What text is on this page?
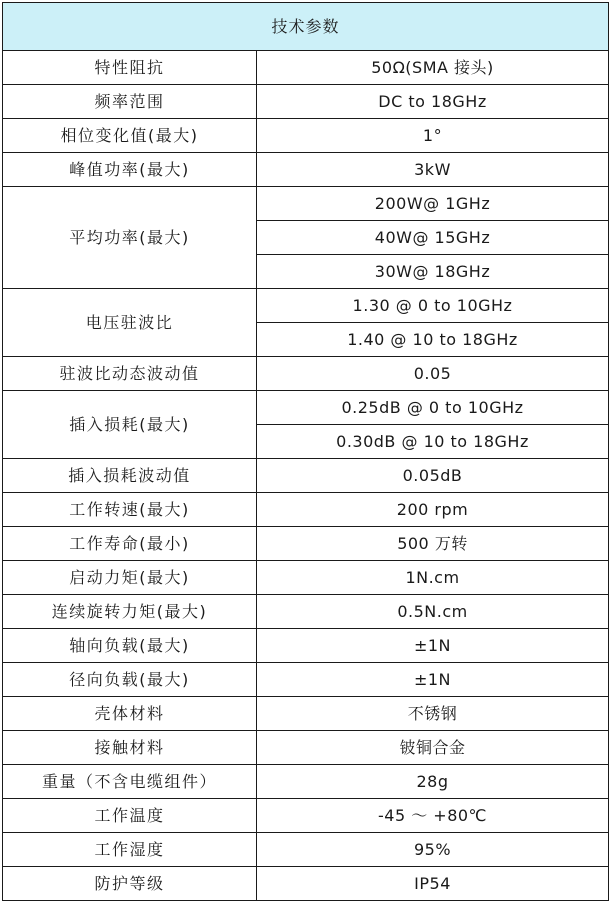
技术参数	
特性阻抗	50Ω(SMA 接头)
频率范围	DC to 18GHz
相位变化值(最大)	1°
峰值功率(最大)	3kW
平均功率(最大)	200W@ 1GHz
	40W@ 15GHz
	30W@ 18GHz
电压驻波比	1.30 @ 0 to 10GHz
	1.40 @ 10 to 18GHz
驻波比动态波动值	0.05
插入损耗(最大)	0.25dB @ 0 to 10GHz
	0.30dB @ 10 to 18GHz
插入损耗波动值	0.05dB
工作转速(最大)	200 rpm
工作寿命(最小)	500 万转
启动力矩(最大)	1N.cm
连续旋转力矩(最大)	0.5N.cm
轴向负载(最大)	±1N
径向负载(最大)	±1N
壳体材料	不锈钢
接触材料	铍铜合金
重量（不含电缆组件）	28g
工作温度	-45 ～ +80℃
工作湿度	95%
防护等级	IP54
